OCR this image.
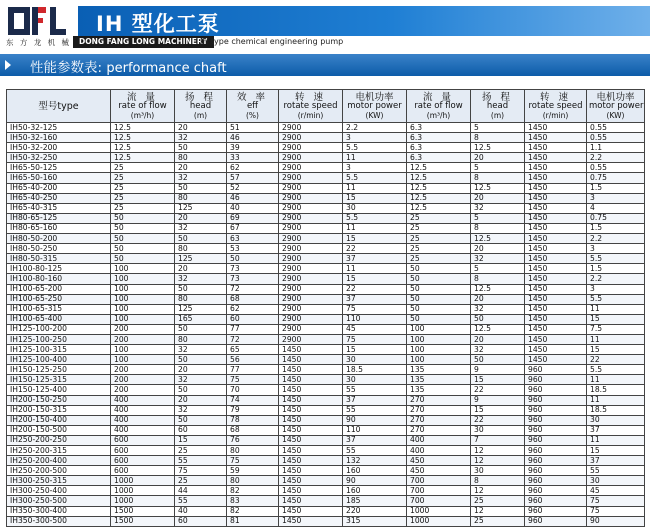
IH 型化工泵
东 方 龙 机 械	DONG FANG LONG MACHINERY
IH type chemical engineering pump
性能参数表: performance chaft
型号type	流 量
rate of flow
(m³/h)	扬 程
head
(m)	效 率
eff
(%)	转 速
rotate speed
(r/min)	电机功率
motor power
(KW)	流 量
rate of flow
(m³/h)	扬 程
head
(m)	转 速
rotate speed
(r/min)	电机功率
motor power
(KW)

IH50-32-125	12.5	20	51	2900	2.2	6.3	5	1450	0.55
IH50-32-160	12.5	32	46	2900	3	6.3	8	1450	0.55
IH50-32-200	12.5	50	39	2900	5.5	6.3	12.5	1450	1.1
IH50-32-250	12.5	80	33	2900	11	6.3	20	1450	2.2
IH65-50-125	25	20	62	2900	3	12.5	5	1450	0.55
IH65-50-160	25	32	57	2900	5.5	12.5	8	1450	0.75
IH65-40-200	25	50	52	2900	11	12.5	12.5	1450	1.5
IH65-40-250	25	80	46	2900	15	12.5	20	1450	3
IH65-40-315	25	125	40	2900	30	12.5	32	1450	4
IH80-65-125	50	20	69	2900	5.5	25	5	1450	0.75
IH80-65-160	50	32	67	2900	11	25	8	1450	1.5
IH80-50-200	50	50	63	2900	15	25	12.5	1450	2.2
IH80-50-250	50	80	53	2900	22	25	20	1450	3
IH80-50-315	50	125	50	2900	37	25	32	1450	5.5
IH100-80-125	100	20	73	2900	11	50	5	1450	1.5
IH100-80-160	100	32	73	2900	15	50	8	1450	2.2
IH100-65-200	100	50	72	2900	22	50	12.5	1450	3
IH100-65-250	100	80	68	2900	37	50	20	1450	5.5
IH100-65-315	100	125	62	2900	75	50	32	1450	11
IH100-65-400	100	165	60	2900	110	50	50	1450	15
IH125-100-200	200	50	77	2900	45	100	12.5	1450	7.5
IH125-100-250	200	80	72	2900	75	100	20	1450	11
IH125-100-315	100	32	65	1450	15	100	32	1450	15
IH125-100-400	100	50	56	1450	30	100	50	1450	22
IH150-125-250	200	20	77	1450	18.5	135	9	960	5.5
IH150-125-315	200	32	75	1450	30	135	15	960	11
IH150-125-400	200	50	70	1450	55	135	22	960	18.5
IH200-150-250	400	20	74	1450	37	270	9	960	11
IH200-150-315	400	32	79	1450	55	270	15	960	18.5
IH200-150-400	400	50	78	1450	90	270	22	960	30
IH200-150-500	400	60	68	1450	110	270	30	960	37
IH250-200-250	600	15	76	1450	37	400	7	960	11
IH250-200-315	600	25	80	1450	55	400	12	960	15
IH250-200-400	600	55	75	1450	132	450	12	960	37
IH250-200-500	600	75	59	1450	160	450	30	960	55
IH300-250-315	1000	25	80	1450	90	700	8	960	30
IH300-250-400	1000	44	82	1450	160	700	12	960	45
IH300-250-500	1000	55	83	1450	185	700	25	960	75
IH350-300-400	1500	40	82	1450	220	1000	12	960	75
IH350-300-500	1500	60	81	1450	315	1000	25	960	90
